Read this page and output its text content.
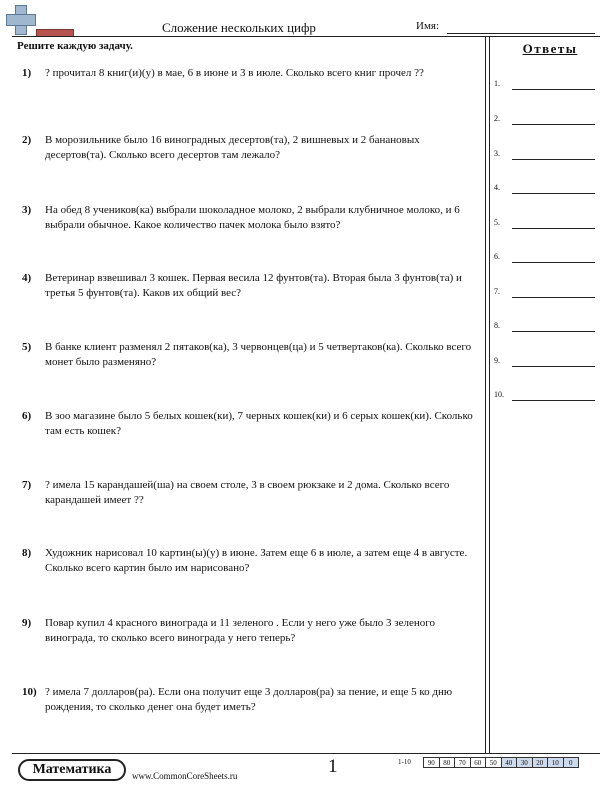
Сложение нескольких цифр	Имя:
Решите каждую задачу.
1)	? прочитал 8 книг(и)(у) в мае, 6 в июне и 3 в июле. Сколько всего книг прочел ??
2)	В морозильнике было 16 виноградных десертов(та), 2 вишневых и 2 банановых десертов(та). Сколько всего десертов там лежало?
3)	На обед 8 учеников(ка) выбрали шоколадное молоко, 2 выбрали клубничное молоко, и 6 выбрали обычное. Какое количество пачек молока было взято?
4)	Ветеринар взвешивал 3 кошек. Первая весила 12 фунтов(та). Вторая была 3 фунтов(та) и третья 5 фунтов(та). Каков их общий вес?
5)	В банке клиент разменял 2 пятаков(ка), 3 червонцев(ца) и 5 четвертаков(ка). Сколько всего монет было разменяно?
6)	В зоо магазине было 5 белых кошек(ки), 7 черных кошек(ки) и 6 серых кошек(ки). Сколько там есть кошек?
7)	? имела 15 карандашей(ша) на своем столе, 3 в своем рюкзаке и 2 дома. Сколько всего карандашей имеет ??
8)	Художник нарисовал 10 картин(ы)(у) в июне. Затем еще 6 в июле, а затем еще 4 в августе. Сколько всего картин было им нарисовано?
9)	Повар купил 4 красного винограда и 11 зеленого . Если у него уже было 3 зеленого винограда, то сколько всего винограда у него теперь?
10) ? имела 7 долларов(ра). Если она получит еще 3 долларов(ра) за пение, и еще 5 ко дню рождения, то сколько денег она будет иметь?
Ответы
1.
2.
3.
4.
5.
6.
7.
8.
9.
10.
Математика	www.CommonCoreSheets.ru	1	1-10	90	80	70	60	50	40	30	20	10	0
